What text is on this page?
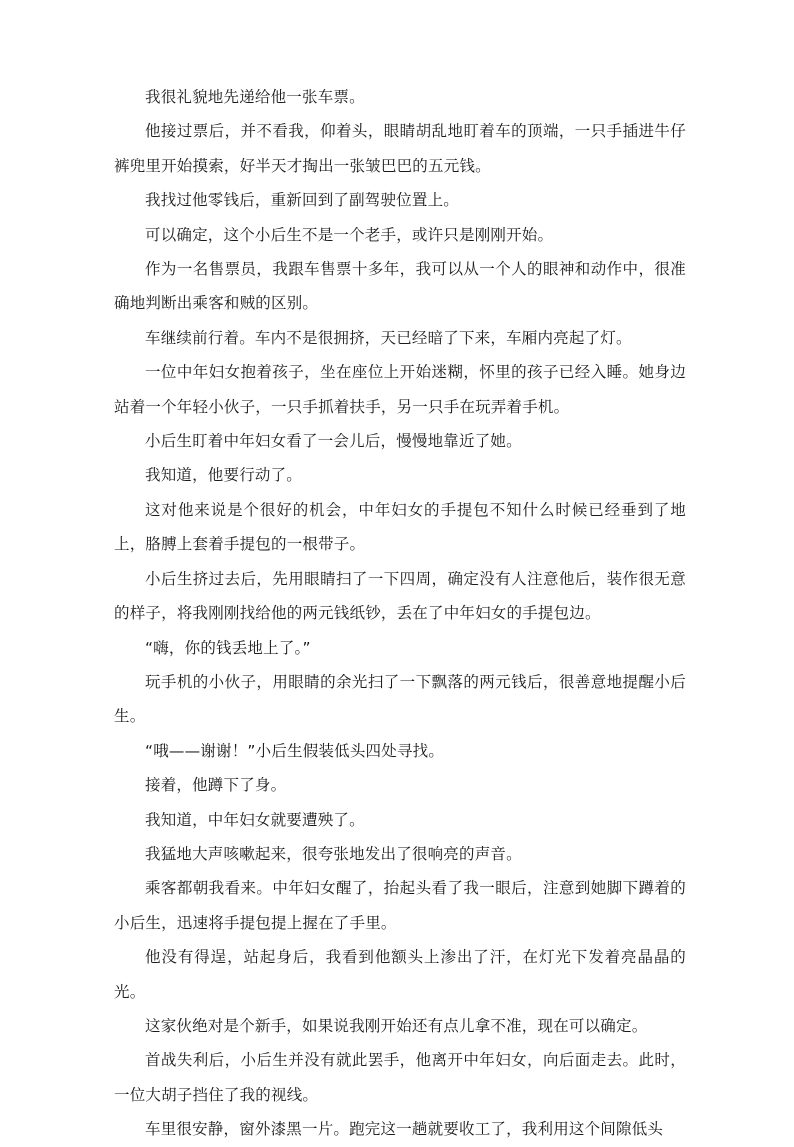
我很礼貌地先递给他一张车票。

他接过票后，并不看我，仰着头，眼睛胡乱地盯着车的顶端，一只手插进牛仔裤兜里开始摸索，好半天才掏出一张皱巴巴的五元钱。

我找过他零钱后，重新回到了副驾驶位置上。

可以确定，这个小后生不是一个老手，或许只是刚刚开始。

作为一名售票员，我跟车售票十多年，我可以从一个人的眼神和动作中，很准确地判断出乘客和贼的区别。

车继续前行着。车内不是很拥挤，天已经暗了下来，车厢内亮起了灯。

一位中年妇女抱着孩子，坐在座位上开始迷糊，怀里的孩子已经入睡。她身边站着一个年轻小伙子，一只手抓着扶手，另一只手在玩弄着手机。

小后生盯着中年妇女看了一会儿后，慢慢地靠近了她。

我知道，他要行动了。

这对他来说是个很好的机会，中年妇女的手提包不知什么时候已经垂到了地上，胳膊上套着手提包的一根带子。

小后生挤过去后，先用眼睛扫了一下四周，确定没有人注意他后，装作很无意的样子，将我刚刚找给他的两元钱纸钞，丢在了中年妇女的手提包边。

“嗨，你的钱丢地上了。”

玩手机的小伙子，用眼睛的余光扫了一下飘落的两元钱后，很善意地提醒小后生。

“哦——谢谢！”小后生假装低头四处寻找。

接着，他蹲下了身。

我知道，中年妇女就要遭殃了。

我猛地大声咳嗽起来，很夸张地发出了很响亮的声音。

乘客都朝我看来。中年妇女醒了，抬起头看了我一眼后，注意到她脚下蹲着的小后生，迅速将手提包提上握在了手里。

他没有得逞，站起身后，我看到他额头上渗出了汗，在灯光下发着亮晶晶的光。

这家伙绝对是个新手，如果说我刚开始还有点儿拿不准，现在可以确定。

首战失利后，小后生并没有就此罢手，他离开中年妇女，向后面走去。此时，一位大胡子挡住了我的视线。

车里很安静，窗外漆黑一片。跑完这一趟就要收工了，我利用这个间隙低头
